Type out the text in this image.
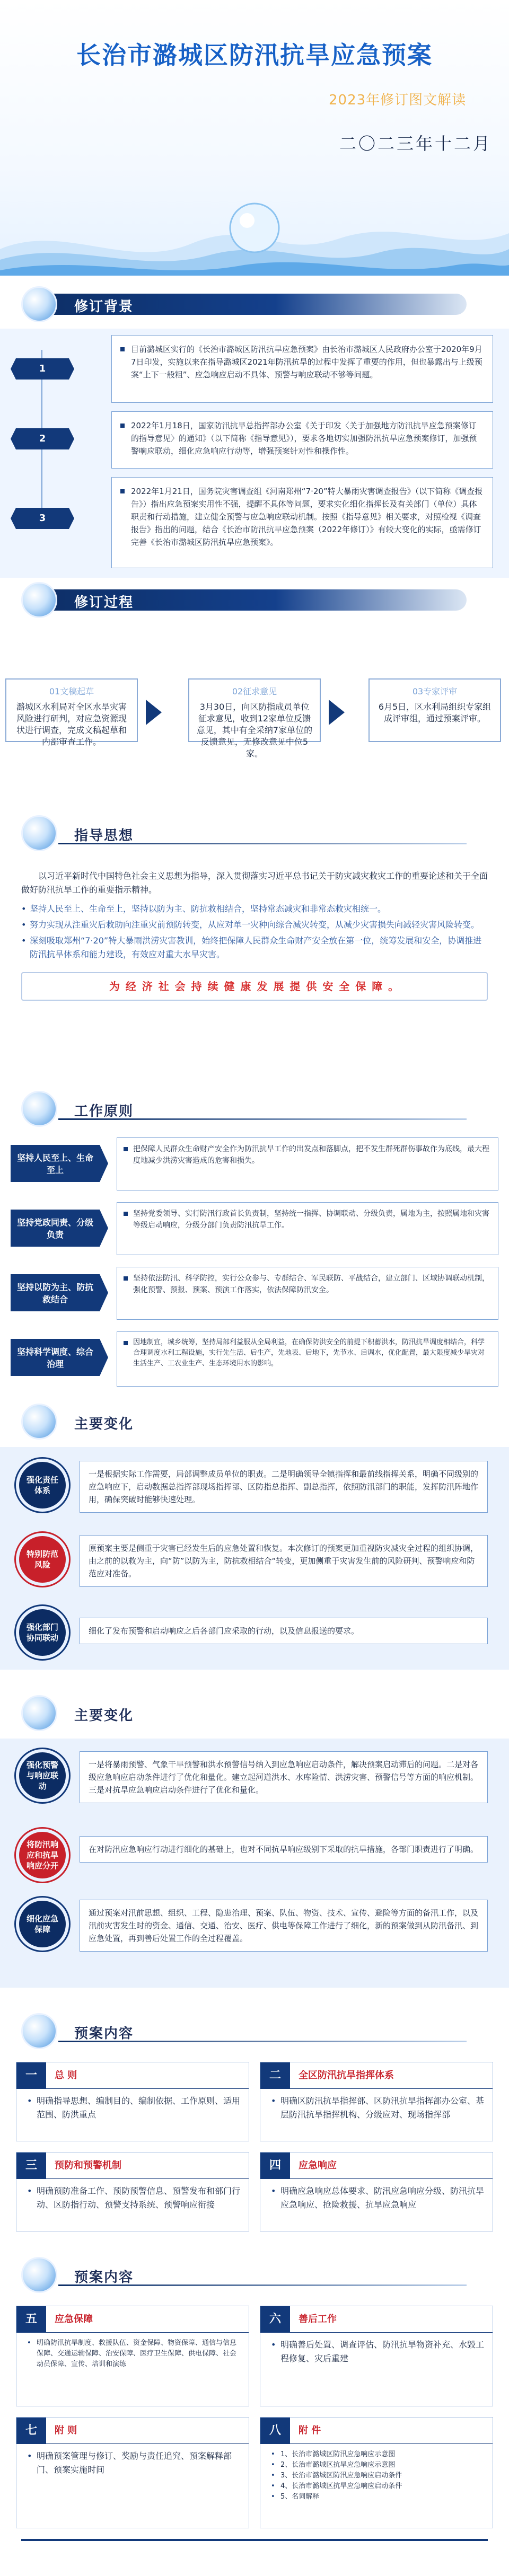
长治市潞城区防汛抗旱应急预案
2023年修订图文解读
二〇二三年十二月
修订背景
1
目前潞城区实行的《长治市潞城区防汛抗旱应急预案》由长治市潞城区人民政府办公室于2020年9月7日印发，实施以来在指导潞城区2021年防汛抗旱的过程中发挥了重要的作用，但也暴露出与上级预案“上下一般粗”、应急响应启动不具体、预警与响应联动不够等问题。
2
2022年1月18日，国家防汛抗旱总指挥部办公室《关于印发〈关于加强地方防汛抗旱应急预案修订的指导意见〉的通知》（以下简称《指导意见》），要求各地切实加强防汛抗旱应急预案修订，加强预警响应联动，细化应急响应行动等，增强预案针对性和操作性。
3
2022年1月21日，国务院灾害调查组《河南郑州“7·20”特大暴雨灾害调查报告》（以下简称《调查报告》）指出应急预案实用性不强，提醒不具体等问题，要求实化细化指挥长及有关部门（单位）具体职责和行动措施，建立健全预警与应急响应联动机制。按照《指导意见》相关要求，对照检视《调查报告》指出的问题，结合《长治市防汛抗旱应急预案（2022年修订）》有较大变化的实际，亟需修订完善《长治市潞城区防汛抗旱应急预案》。
修订过程
01文稿起草
潞城区水利局对全区水旱灾害风险进行研判，对应急资源现状进行调查，完成文稿起草和内部审查工作。
02征求意见
3月30日，向区防指成员单位征求意见，收到12家单位反馈意见，其中有全采纳7家单位的反馈意见，无修改意见中位5家。
03专家评审
6月5日，区水利局组织专家组成评审组，通过预案评审。
指导思想
以习近平新时代中国特色社会主义思想为指导，深入贯彻落实习近平总书记关于防灾减灾救灾工作的重要论述和关于全面做好防汛抗旱工作的重要指示精神。
• 坚持人民至上、生命至上，坚持以防为主、防抗救相结合，坚持常态减灾和非常态救灾相统一。
• 努力实现从注重灾后救助向注重灾前预防转变，从应对单一灾种向综合减灾转变，从减少灾害损失向减轻灾害风险转变。
• 深刻吸取郑州“7·20”特大暴雨洪涝灾害教训，始终把保障人民群众生命财产安全放在第一位，统筹发展和安全，协调推进防汛抗旱体系和能力建设，有效应对重大水旱灾害。
为 经 济 社 会 持 续 健 康 发 展 提 供 安 全 保 障 。
工作原则
坚持人民至上、生命至上
把保障人民群众生命财产安全作为防汛抗旱工作的出发点和落脚点，把不发生群死群伤事故作为底线，最大程度地减少洪涝灾害造成的危害和损失。
坚持党政同责、分级负责
坚持党委领导、实行防汛行政首长负责制，坚持统一指挥、协调联动、分级负责，属地为主，按照属地和灾害等级启动响应，分级分部门负责防汛抗旱工作。
坚持以防为主、防抗救结合
坚持依法防汛、科学防控，实行公众参与、专群结合、军民联防、平战结合，建立部门、区域协调联动机制，强化预警、预报、预案、预演工作落实，依法保障防汛安全。
坚持科学调度、综合治理
因地制宜，城乡统筹，坚持局部利益服从全局利益，在确保防洪安全的前提下积蓄洪水，防汛抗旱调度相结合，科学合理调度水利工程设施，实行先生活、后生产，先地表、后地下，先节水、后调水，优化配置，最大限度减少旱灾对生活生产、工农业生产、生态环境用水的影响。
主要变化
强化责任体系
一是根据实际工作需要，局部调整成员单位的职责。二是明确领导全镇指挥和最前线指挥关系，明确不同级别的应急响应下，启动数据总指挥部现场指挥部、区防指总指挥、副总指挥，依照防汛部门的职能，发挥防汛阵地作用，确保突破时能够快速处理。
特别防范风险
原预案主要是侧重于灾害已经发生后的应急处置和恢复。本次修订的预案更加重视防灾减灾全过程的组织协调，由之前的以救为主，向“防”以防为主，防抗救相结合“转变，更加侧重于灾害发生前的风险研判、预警响应和防范应对准备。
强化部门协同联动
细化了发布预警和启动响应之后各部门应采取的行动，以及信息报送的要求。
主要变化
强化预警与响应联动
一是将暴雨预警、气象干旱预警和洪水预警信号纳入到应急响应启动条件，解决预案启动滞后的问题。二是对各级应急响应启动条件进行了优化和量化。建立起河道洪水、水库险情、洪涝灾害、预警信号等方面的响应机制。三是对抗旱应急响应启动条件进行了优化和量化。
将防汛响应和抗旱响应分开
在对防汛应急响应行动进行细化的基础上，也对不同抗旱响应级别下采取的抗旱措施，各部门职责进行了明确。
细化应急保障
通过预案对汛前思想、组织、工程、隐患治理、预案、队伍、物资、技术、宣传、避险等方面的备汛工作，以及汛前灾害发生时的资金、通信、交通、治安、医疗、供电等保障工作进行了细化，新的预案做到从防汛备汛、到应急处置，再到善后处置工作的全过程覆盖。
预案内容
一	总 则
• 明确指导思想、编制目的、编制依据、工作原则、适用范围、防洪重点
二	全区防汛抗旱指挥体系
• 明确区防汛抗旱指挥部、区防汛抗旱指挥部办公室、基层防汛抗旱指挥机构、分级应对、现场指挥部
三	预防和预警机制
• 明确预防准备工作、预防预警信息、预警发布和部门行动、区防指行动、预警支持系统、预警响应衔接
四	应急响应
• 明确应急响应总体要求、防汛应急响应分级、防汛抗旱应急响应、抢险救援、抗旱应急响应
预案内容
五	应急保障
• 明确防汛抗旱制度、救援队伍、资金保障、物资保障、通信与信息保障、交通运输保障、治安保障、医疗卫生保障、供电保障、社会动员保障、宣传、培训和演练
六	善后工作
• 明确善后处置、调查评估、防汛抗旱物资补充、水毁工程修复、灾后重建
七	附 则
• 明确预案管理与修订、奖励与责任追究、预案解释部门、预案实施时间
八	附 件
• 1、长治市潞城区防汛应急响应示意图
• 2、长治市潞城区抗旱应急响应示意图
• 3、长治市潞城区防汛应急响应启动条件
• 4、长治市潞城区抗旱应急响应启动条件
• 5、名词解释
